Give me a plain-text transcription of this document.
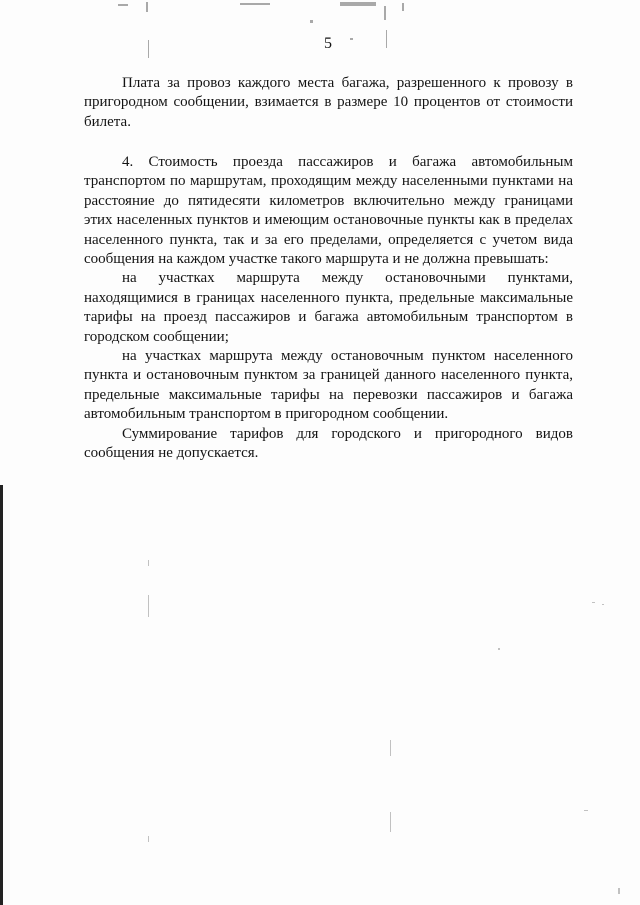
5

Плата за провоз каждого места багажа, разрешенного к провозу в пригородном сообщении, взимается в размере 10 процентов от стоимости билета.

4. Стоимость проезда пассажиров и багажа автомобильным транспортом по маршрутам, проходящим между населенными пунктами на расстояние до пятидесяти километров включительно между границами этих населенных пунктов и имеющим остановочные пункты как в пределах населенного пункта, так и за его пределами, определяется с учетом вида сообщения на каждом участке такого маршрута и не должна превышать:

на участках маршрута между остановочными пунктами, находящимися в границах населенного пункта, предельные максимальные тарифы на проезд пассажиров и багажа автомобильным транспортом в городском сообщении;

на участках маршрута между остановочным пунктом населенного пункта и остановочным пунктом за границей данного населенного пункта, предельные максимальные тарифы на перевозки пассажиров и багажа автомобильным транспортом в пригородном сообщении.

Суммирование тарифов для городского и пригородного видов сообщения не допускается.
